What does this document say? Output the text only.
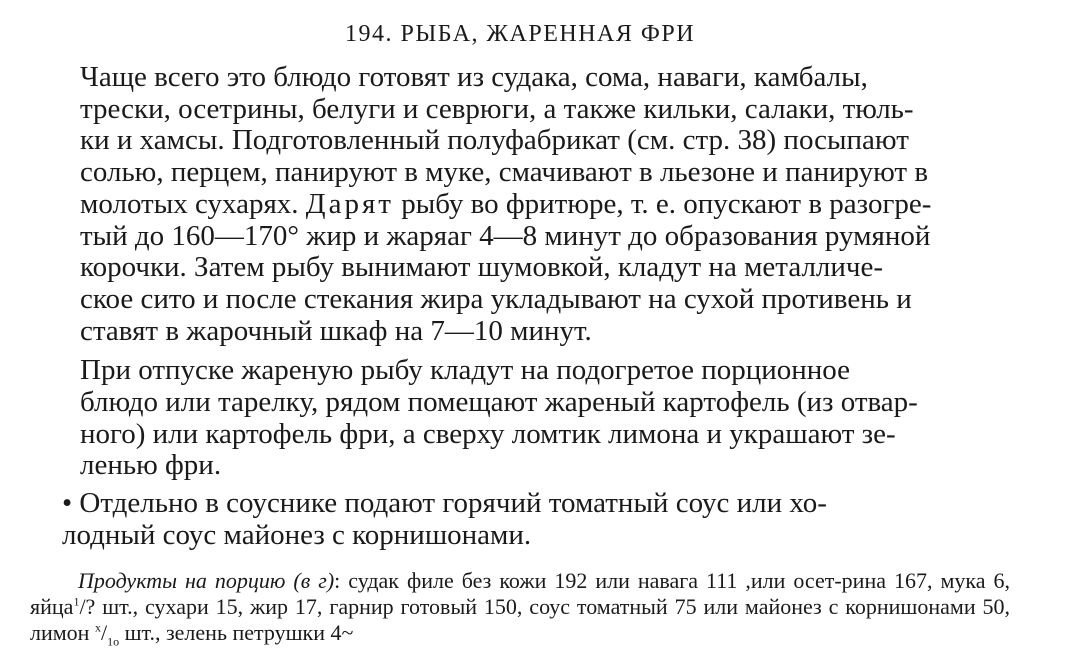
194. РЫБА, ЖАРЕННАЯ ФРИ

Чаще всего это блюдо готовят из судака, сома, наваги, камбалы,
трески, осетрины, белуги и севрюги, а также кильки, салаки, тюль-
ки и хамсы. Подготовленный полуфабрикат (см. стр. 38) посыпают
солью, перцем, панируют в муке, смачивают в льезоне и панируют в
молотых сухарях. Дарят рыбу во фритюре, т. е. опускают в разогре-
тый до 160—170° жир и жаряаг 4—8 минут до образования румяной
корочки. Затем рыбу вынимают шумовкой, кладут на металличе-
ское сито и после стекания жира укладывают на сухой противень и
ставят в жарочный шкаф на 7—10 минут.

При отпуске жареную рыбу кладут на подогретое порционное
блюдо или тарелку, рядом помещают жареный картофель (из отвар-
ного) или картофель фри, а сверху ломтик лимона и украшают зе-
ленью фри.

• Отдельно в соуснике подают горячий томатный соус или хо-
лодный соус майонез с корнишонами.

Продукты на порцию (в г): судак филе без кожи 192 или навага 111 ,или осет-рина 167, мука 6, яйца$^1$/? шт., сухари 15, жир 17, гарнир готовый 150, соус томатный 75 или майонез с корнишонами 50, лимон $^х/_{1о}$ шт., зелень петрушки 4~
